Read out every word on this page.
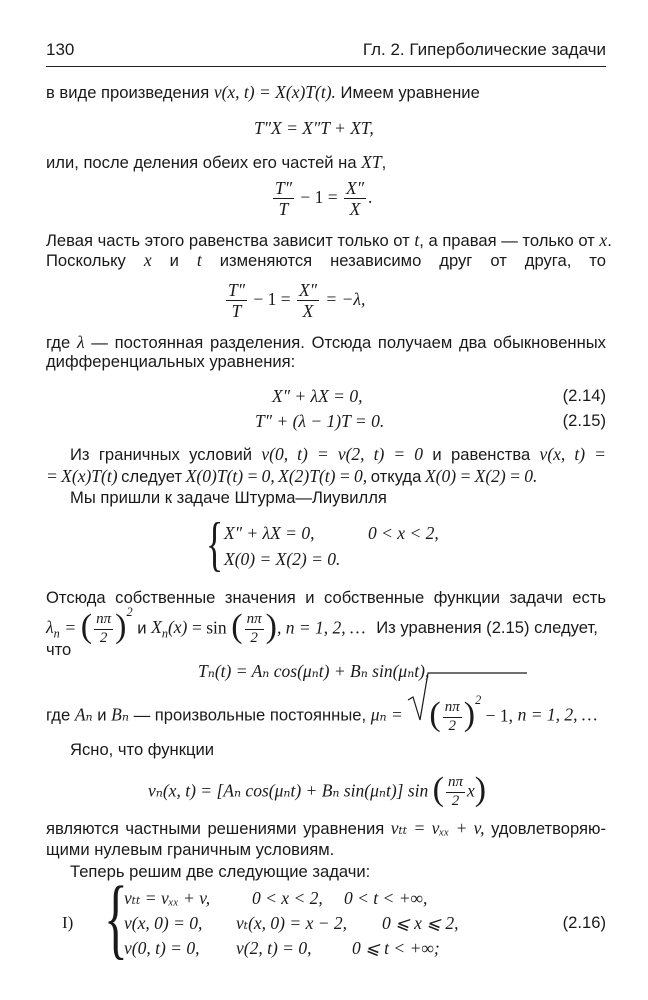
130	Гл. 2. Гиперболические задачи
в виде произведения v(x, t) = X(x)T(t). Имеем уравнение
T″X = X″T + XT,
или, после деления обеих его частей на XT,
$\frac{T''}{T} - 1 = \frac{X''}{X}$ .
Левая часть этого равенства зависит только от t, а правая — только от x.
Поскольку x и t изменяются независимо друг от друга, то
$\frac{T''}{T} - 1 = \frac{X''}{X} = -\lambda$,
где λ — постоянная разделения. Отсюда получаем два обыкновенных
дифференциальных уравнения:
X″ + λX = 0,	(2.14)
T″ + (λ − 1)T = 0.	(2.15)
Из граничных условий v(0, t) = v(2, t) = 0 и равенства v(x, t) =
= X(x)T(t) следует X(0)T(t) = 0, X(2)T(t) = 0, откуда X(0) = X(2) = 0.
Мы пришли к задаче Штурма—Лиувилля
{ X″ + λX = 0,	0 < x < 2,
X(0) = X(2) = 0.
Отсюда собственные значения и собственные функции задачи есть
$\lambda_n$ = ( $\frac{n\pi}{2} )^2$ и $X_n(x) = \sin$ ( $\frac{n\pi}{2}$ ), n = 1, 2, … Из уравнения (2.15) следует,
что
Tₙ(t) = Aₙ cos(μₙt) + Bₙ sin(μₙt),
где Aₙ и Bₙ — произвольные постоянные, μₙ = ( $\frac{n\pi}{2} )^2 - 1$, n = 1, 2, …
Ясно, что функции
vₙ(x, t) = [Aₙ cos(μₙt) + Bₙ sin(μₙt)] sin ( $\frac{n\pi}{2} x$)
являются частными решениями уравнения vₜₜ = vₓₓ + v, удовлетворяю-
щими нулевым граничным условиям.
Теперь решим две следующие задачи:
I) {
vₜₜ = vₓₓ + v, 0 < x < 2, 0 < t < +∞,
v(x, 0) = 0, vₜ(x, 0) = x − 2, 0 ⩽ x ⩽ 2,
v(0, t) = 0, v(2, t) = 0, 0 ⩽ t < +∞;
(2.16)
